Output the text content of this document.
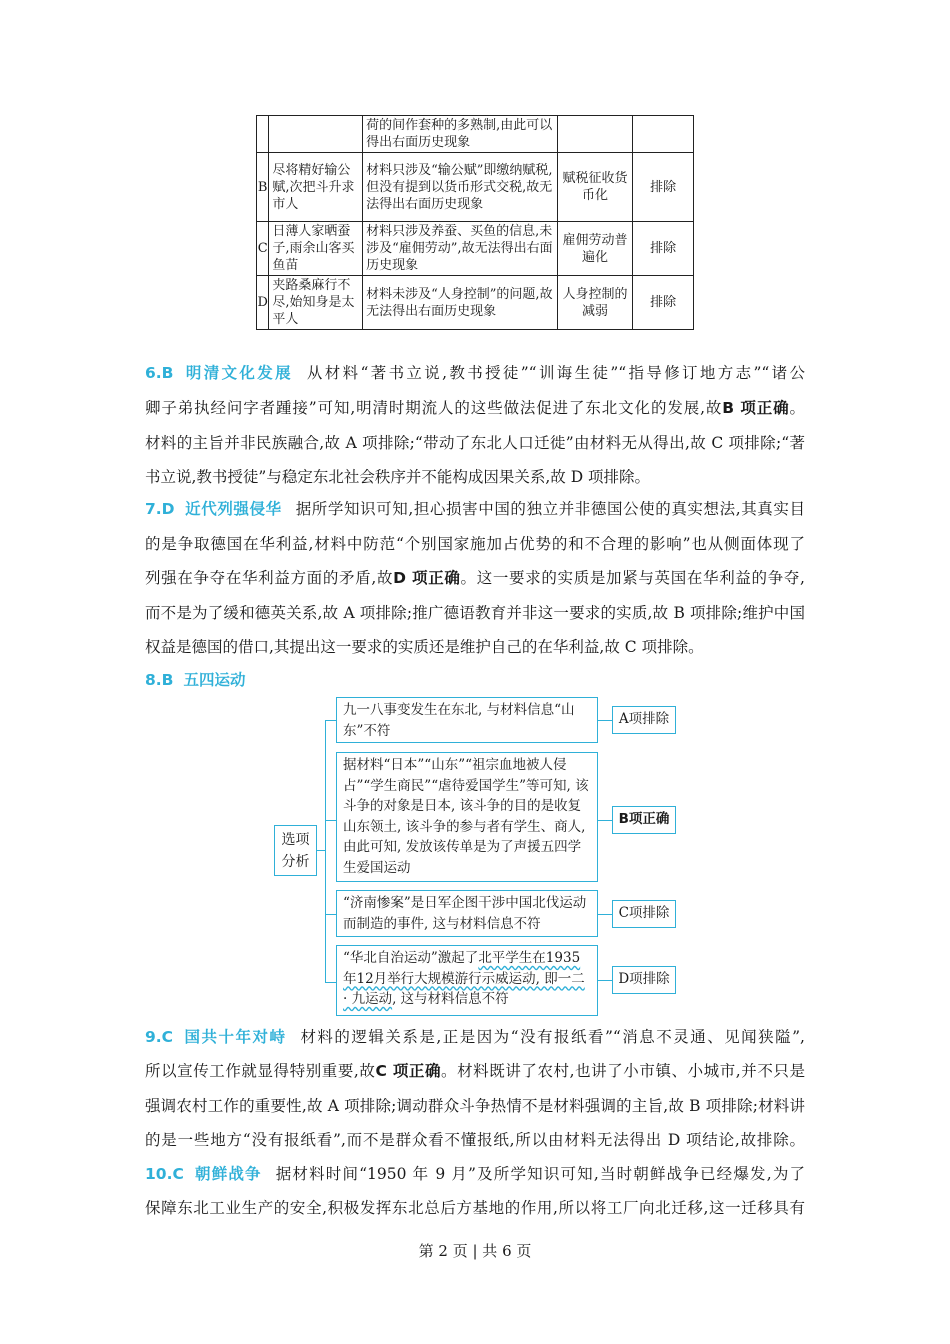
		荷的间作套种的多熟制,由此可以得出右面历史现象		
B	尽将精好输公赋,次把斗升求市人	材料只涉及“输公赋”即缴纳赋税,但没有提到以货币形式交税,故无法得出右面历史现象	赋税征收货币化	排除
C	日薄人家晒蚕子,雨余山客买鱼苗	材料只涉及养蚕、买鱼的信息,未涉及“雇佣劳动”,故无法得出右面历史现象	雇佣劳动普遍化	排除
D	夹路桑麻行不尽,始知身是太平人	材料未涉及“人身控制”的问题,故无法得出右面历史现象	人身控制的减弱	排除
6.B 明清文化发展 从材料“著书立说,教书授徒”“训诲生徒”“指导修订地方志”“诸公
卿子弟执经问字者踵接”可知,明清时期流人的这些做法促进了东北文化的发展,故B 项正确。
材料的主旨并非民族融合,故 A 项排除;“带动了东北人口迁徙”由材料无从得出,故 C 项排除;“著
书立说,教书授徒”与稳定东北社会秩序并不能构成因果关系,故 D 项排除。
7.D 近代列强侵华 据所学知识可知,担心损害中国的独立并非德国公使的真实想法,其真实目
的是争取德国在华利益,材料中防范“个别国家施加占优势的和不合理的影响”也从侧面体现了
列强在争夺在华利益方面的矛盾,故D 项正确。这一要求的实质是加紧与英国在华利益的争夺,
而不是为了缓和德英关系,故 A 项排除;推广德语教育并非这一要求的实质,故 B 项排除;维护中国
权益是德国的借口,其提出这一要求的实质还是维护自己的在华利益,故 C 项排除。
8.B 五四运动
选项分析
九一八事变发生在东北, 与材料信息“山东”不符
A项排除
据材料“日本”“山东”“祖宗血地被人侵占”“学生商民”“虐待爱国学生”等可知, 该斗争的对象是日本, 该斗争的目的是收复山东领土, 该斗争的参与者有学生、商人, 由此可知, 发放该传单是为了声援五四学生爱国运动
B项正确
“济南惨案”是日军企图干涉中国北伐运动而制造的事件, 这与材料信息不符
C项排除
“华北自治运动”激起了北平学生在1935年12月举行大规模游行示威运动, 即一二 · 九运动, 这与材料信息不符
D项排除
9.C 国共十年对峙 材料的逻辑关系是,正是因为“没有报纸看”“消息不灵通、见闻狭隘”,
所以宣传工作就显得特别重要,故C 项正确。材料既讲了农村,也讲了小市镇、小城市,并不只是
强调农村工作的重要性,故 A 项排除;调动群众斗争热情不是材料强调的主旨,故 B 项排除;材料讲
的是一些地方“没有报纸看”,而不是群众看不懂报纸,所以由材料无法得出 D 项结论,故排除。
10.C 朝鲜战争 据材料时间“1950 年 9 月”及所学知识可知,当时朝鲜战争已经爆发,为了
保障东北工业生产的安全,积极发挥东北总后方基地的作用,所以将工厂向北迁移,这一迁移具有
第 2 页 | 共 6 页
